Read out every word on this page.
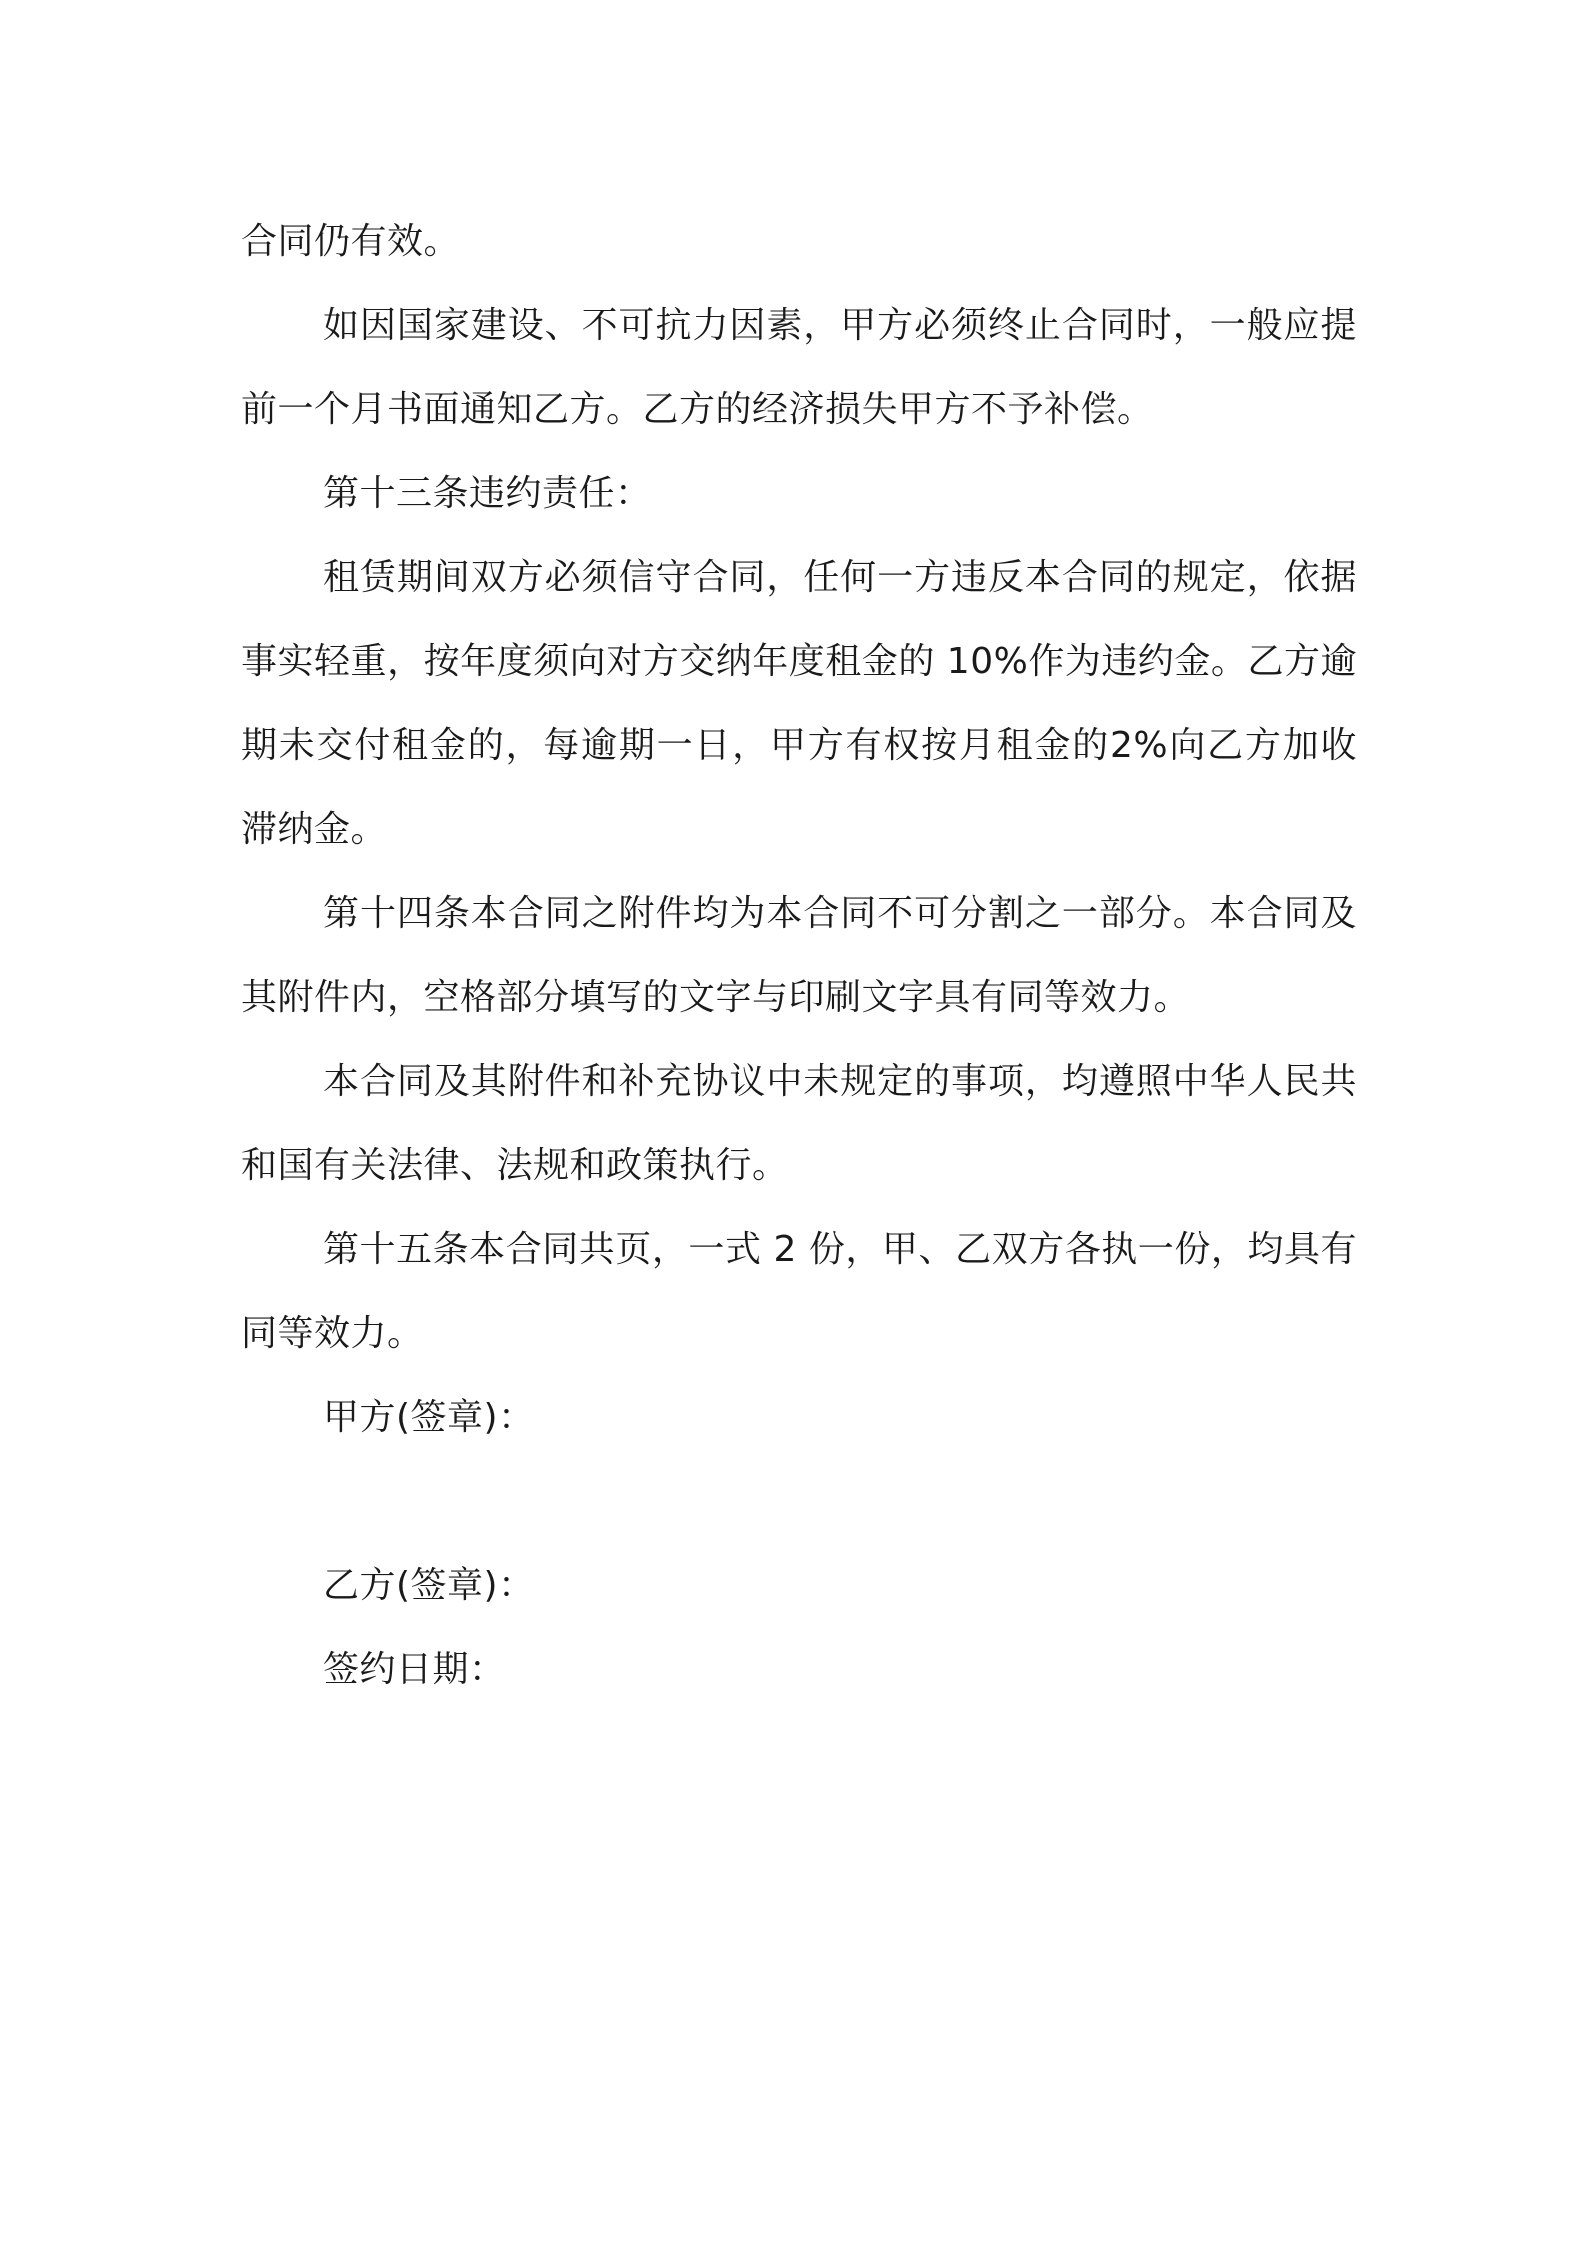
合同仍有效。

如因国家建设、不可抗力因素，甲方必须终止合同时，一般应提前一个月书面通知乙方。乙方的经济损失甲方不予补偿。

第十三条违约责任：

租赁期间双方必须信守合同，任何一方违反本合同的规定，依据事实轻重，按年度须向对方交纳年度租金的 10%作为违约金。乙方逾期未交付租金的，每逾期一日，甲方有权按月租金的2%向乙方加收滞纳金。

第十四条本合同之附件均为本合同不可分割之一部分。本合同及其附件内，空格部分填写的文字与印刷文字具有同等效力。

本合同及其附件和补充协议中未规定的事项，均遵照中华人民共和国有关法律、法规和政策执行。

第十五条本合同共页，一式 2 份，甲、乙双方各执一份，均具有同等效力。

甲方(签章)：

乙方(签章)：

签约日期：
